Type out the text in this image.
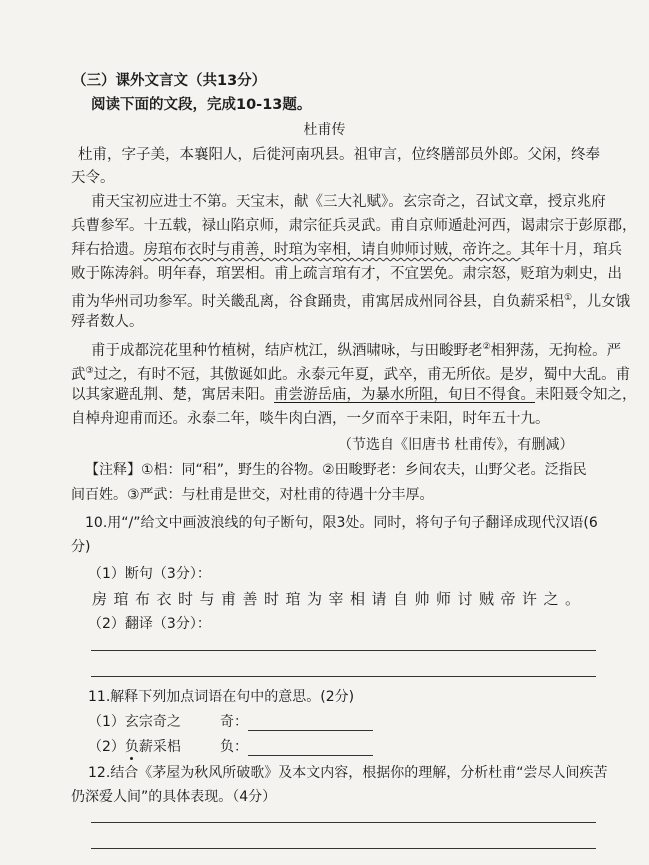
（三）课外文言文（共13分）
阅读下面的文段，完成10-13题。
杜甫传
杜甫，字子美，本襄阳人，后徙河南巩县。祖审言，位终膳部员外郎。父闲，终奉
天令。
甫天宝初应进士不第。天宝末，献《三大礼赋》。玄宗奇之，召试文章，授京兆府
兵曹参军。十五载，禄山陷京师，肃宗征兵灵武。甫自京师遁赴河西，谒肃宗于彭原郡，
拜右拾遗。房琯布衣时与甫善，时琯为宰相，请自帅师讨贼，帝许之。其年十月，琯兵
败于陈涛斜。明年春，琯罢相。甫上疏言琯有才，不宜罢免。肃宗怒，贬琯为刺史，出
甫为华州司功参军。时关畿乱离，谷食踊贵，甫寓居成州同谷县，自负薪采梠①，儿女饿
殍者数人。
甫于成都浣花里种竹植树，结庐枕江，纵酒啸咏，与田畯野老②相狎荡，无拘检。严
武③过之，有时不冠，其傲诞如此。永泰元年夏，武卒，甫无所依。是岁，蜀中大乱。甫
以其家避乱荆、楚，寓居耒阳。甫尝游岳庙，为暴水所阻，旬日不得食。耒阳聂令知之，
自棹舟迎甫而还。永泰二年，啖牛肉白酒，一夕而卒于耒阳，时年五十九。
（节选自《旧唐书 杜甫传》，有删减）
【注释】①梠：同“稆”，野生的谷物。②田畯野老：乡间农夫，山野父老。泛指民
间百姓。③严武：与杜甫是世交，对杜甫的待遇十分丰厚。
10.用“/”给文中画波浪线的句子断句，限3处。同时，将句子句子翻译成现代汉语(6
分)
（1）断句（3分）：
房琯布衣时与甫善时琯为宰相请自帅师讨贼帝许之。
（2）翻译（3分）：
11.解释下列加点词语在句中的意思。(2分)
（1）玄宗奇之	奇：
（2）负薪采梠	负：
12.结合《茅屋为秋风所破歌》及本文内容，根据你的理解，分析杜甫“尝尽人间疾苦
仍深爱人间”的具体表现。（4分）
